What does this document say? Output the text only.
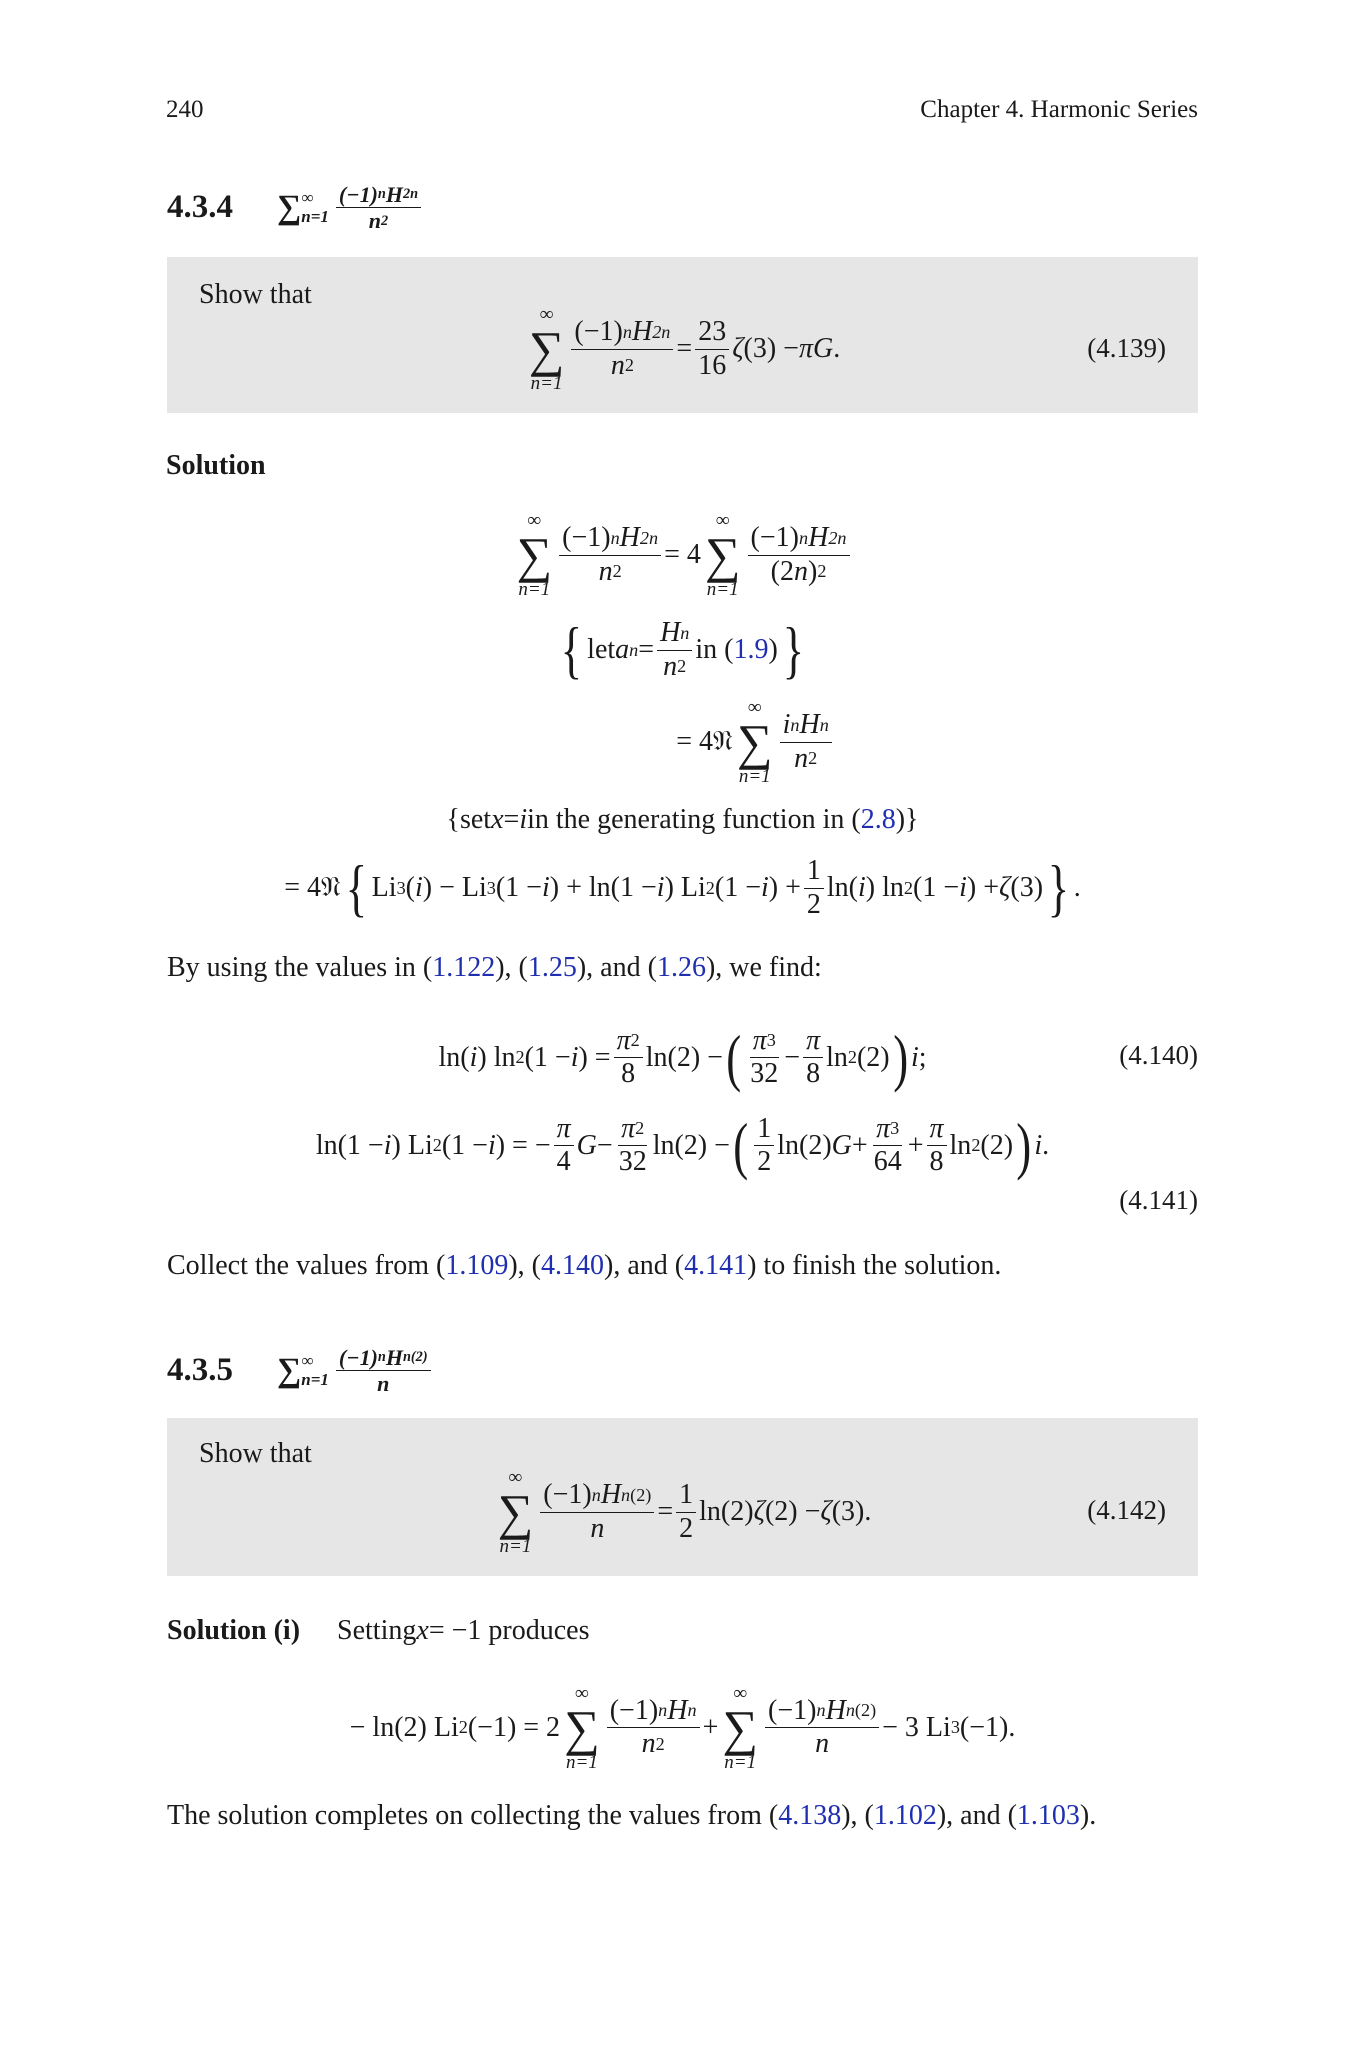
240	Chapter 4. Harmonic Series
4.3.4 ∑ ∞
$n=1 \frac{\text{(−1) n H 2n}}{n 2}$
Show that
∞
∑
n=1
$\frac{\text{(−1) n H 2n}}{n 2} = \frac{23}{16}$ ζ (3) − πG .	(4.139)
Solution
∞
∑
n=1
$\frac{\text{(−1) n H 2n}}{n 2} = 4$
∞
∑
n=1
$\frac{\text{(−1) n H 2n}}{(2 n ) 2}$
{ let a $n = \frac{\text{H n}}{n 2}$ in ( 1.9 ) }
= 4𝔑
∞
∑
n=1
$\frac{\text{i n H n}}{n 2}$
{set x = i in the generating function in ( 2.8 )}
= 4𝔑 { Li 3 ( i ) − Li 3 (1 − i ) + ln(1 − i ) Li 2 (1 − i ) + $\frac{1}{2} \ln$( i ) ln 2 (1 − i ) + ζ (3) } .
By using the values in ( 1.122 ), ( 1.25 ), and ( 1.26 ), we find:
ln( i ) ln 2 (1 − i ) = $\frac{\pi 2}{8} \ln(2)$ − ( $\frac{\pi 3}{32} - \frac{\pi}{8}$ ln 2 (2) ) i ;	(4.140)
ln(1 − i ) Li 2 (1 − i ) = − $\frac{\pi}{4}$ $G - \frac{\pi 2}{32} \ln(2)$ − ( $\frac{1}{2} \ln(2) G + \frac{\pi 3}{64} + \frac{\pi}{8}$ ln 2 (2) ) i .
(4.141)
Collect the values from ( 1.109 ), ( 4.140 ), and ( 4.141 ) to finish the solution.
4.3.5 ∑ ∞
$n=1 \frac{\text{(−1) n H n (2)}}{n}$
Show that
∞
∑
n=1
$\frac{\text{(−1) n H n (2)}}{n} = \frac{1}{2} \ln(2)$ ζ (2) − ζ (3).	(4.142)
Solution (i) Setting x = −1 produces
− ln(2) Li 2 (−1) = 2
∞
∑
n=1
$\frac{\text{(−1) n H n}}{n 2}$ +
∞
∑
n=1
$\frac{\text{(−1) n H n (2)}}{n} - 3$ Li 3 (−1).
The solution completes on collecting the values from ( 4.138 ), ( 1.102 ), and ( 1.103 ).
